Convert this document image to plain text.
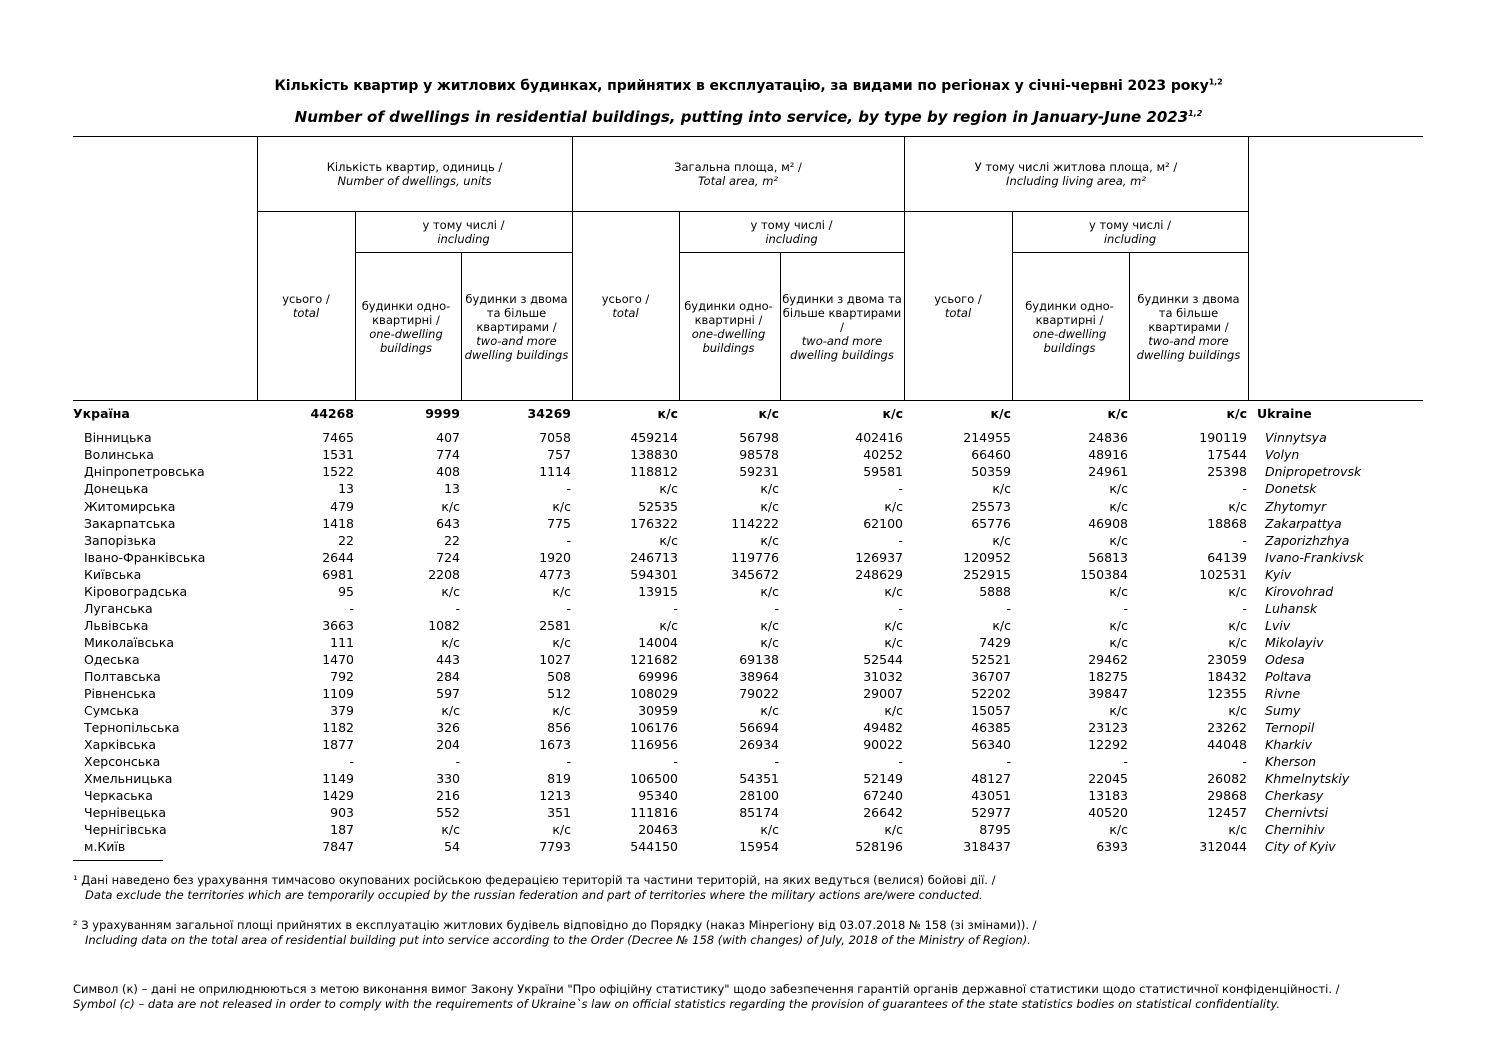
Кількість квартир у житлових будинках, прийнятих в експлуатацію, за видами по регіонах у січні-червні 2023 року$^{1,2}$
Number of dwellings in residential buildings, putting into service, by type by region in January-June 2023$^{1,2}$
Кількість квартир, одиниць /
Number of dwellings, units
Загальна площа, м² /
Total area, m²
У тому числі житлова площа, м² /
Including living area, m²
у тому числі /
including
у тому числі /
including
у тому числі /
including
усього /
total
усього /
total
усього /
total
будинки одно-квартирні /
one-dwelling buildings
будинки з двома та більше квартирами /
two-and more dwelling buildings
будинки одно-квартирні /
one-dwelling buildings
будинки з двома та більше квартирами /
two-and more dwelling buildings
будинки одно-квартирні /
one-dwelling buildings
будинки з двома та більше квартирами /
two-and more dwelling buildings
Україна	44268	9999	34269	к/с	к/с	к/с	к/с	к/с	к/с Ukraine
Вінницька	7465	407	7058	459214	56798	402416	214955	24836	190119 Vinnytsya
Волинська	1531	774	757	138830	98578	40252	66460	48916	17544 Volyn
Дніпропетровська	1522	408	1114	118812	59231	59581	50359	24961	25398 Dnipropetrovsk
Донецька	13	13	-	к/с	к/с	-	к/с	к/с	- Donetsk
Житомирська	479	к/с	к/с	52535	к/с	к/с	25573	к/с	к/с Zhytomyr
Закарпатська	1418	643	775	176322	114222	62100	65776	46908	18868 Zakarpattya
Запорізька	22	22	-	к/с	к/с	-	к/с	к/с	- Zaporizhzhya
Івано-Франківська	2644	724	1920	246713	119776	126937	120952	56813	64139 Ivano-Frankivsk
Київська	6981	2208	4773	594301	345672	248629	252915	150384	102531 Kyiv
Кіровоградська	95	к/с	к/с	13915	к/с	к/с	5888	к/с	к/с Kirovohrad
Луганська	-	-	-	-	-	-	-	-	- Luhansk
Львівська	3663	1082	2581	к/с	к/с	к/с	к/с	к/с	к/с Lviv
Миколаївська	111	к/с	к/с	14004	к/с	к/с	7429	к/с	к/с Mikolayiv
Одеська	1470	443	1027	121682	69138	52544	52521	29462	23059 Odesa
Полтавська	792	284	508	69996	38964	31032	36707	18275	18432 Poltava
Рівненська	1109	597	512	108029	79022	29007	52202	39847	12355 Rivne
Сумська	379	к/с	к/с	30959	к/с	к/с	15057	к/с	к/с Sumy
Тернопільська	1182	326	856	106176	56694	49482	46385	23123	23262 Ternopil
Харківська	1877	204	1673	116956	26934	90022	56340	12292	44048 Kharkiv
Херсонська	-	-	-	-	-	-	-	-	- Kherson
Хмельницька	1149	330	819	106500	54351	52149	48127	22045	26082 Khmelnytskiy
Черкаська	1429	216	1213	95340	28100	67240	43051	13183	29868 Cherkasy
Чернівецька	903	552	351	111816	85174	26642	52977	40520	12457 Chernivtsi
Чернігівська	187	к/с	к/с	20463	к/с	к/с	8795	к/с	к/с Chernihiv
м.Київ	7847	54	7793	544150	15954	528196	318437	6393	312044 City of Kyiv
¹ Дані наведено без урахування тимчасово окупованих російською федерацією територій та частини територій, на яких ведуться (велися) бойові дії. /
Data exclude the territories which are temporarily occupied by the russian federation and part of territories where the military actions are/were conducted.
² З урахуванням загальної площі прийнятих в експлуатацію житлових будівель відповідно до Порядку (наказ Мінрегіону від 03.07.2018 № 158 (зі змінами)). /
Including data on the total area of residential building put into service according to the Order (Decree № 158 (with changes) of July, 2018 of the Ministry of Region).
Символ (к) – дані не оприлюднюються з метою виконання вимог Закону України "Про офіційну статистику" щодо забезпечення гарантій органів державної статистики щодо статистичної конфіденційності. /
Symbol (c) – data are not released in order to comply with the requirements of Ukraine`s law on official statistics regarding the provision of guarantees of the state statistics bodies on statistical confidentiality.
